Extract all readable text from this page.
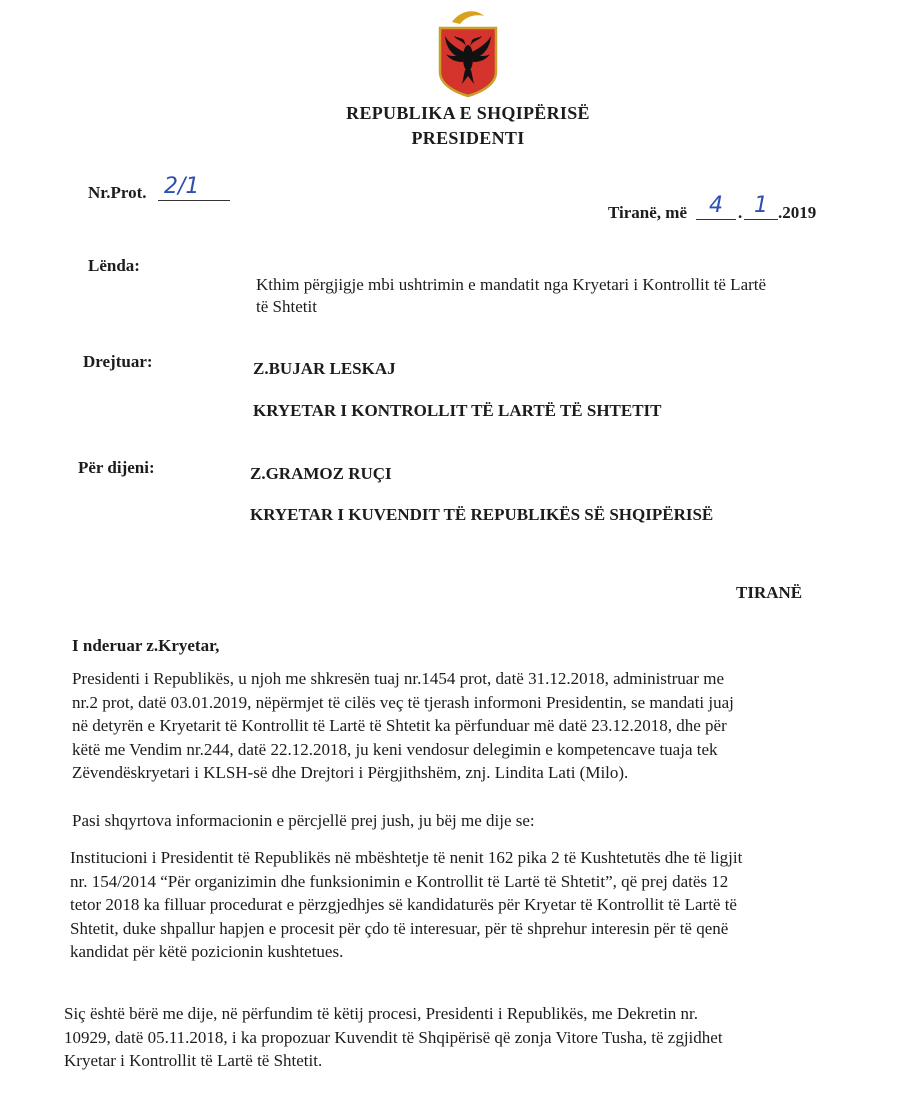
REPUBLIKA E SHQIPËRISË
PRESIDENTI
Nr.Prot. 2/1
Tiranë, më 4 . 1 .2019
Lënda:
Kthim përgjigje mbi ushtrimin e mandatit nga Kryetari i Kontrollit të Lartë
të Shtetit
Drejtuar:	Z.BUJAR LESKAJ
KRYETAR I KONTROLLIT TË LARTË TË SHTETIT
Për dijeni:	Z.GRAMOZ RUÇI
KRYETAR I KUVENDIT TË REPUBLIKËS SË SHQIPËRISË
TIRANË
I nderuar z.Kryetar,
Presidenti i Republikës, u njoh me shkresën tuaj nr.1454 prot, datë 31.12.2018, administruar me
nr.2 prot, datë 03.01.2019, nëpërmjet të cilës veç të tjerash informoni Presidentin, se mandati juaj
në detyrën e Kryetarit të Kontrollit të Lartë të Shtetit ka përfunduar më datë 23.12.2018, dhe për
këtë me Vendim nr.244, datë 22.12.2018, ju keni vendosur delegimin e kompetencave tuaja tek
Zëvendëskryetari i KLSH-së dhe Drejtori i Përgjithshëm, znj. Lindita Lati (Milo).
Pasi shqyrtova informacionin e përcjellë prej jush, ju bëj me dije se:
Institucioni i Presidentit të Republikës në mbështetje të nenit 162 pika 2 të Kushtetutës dhe të ligjit
nr. 154/2014 “Për organizimin dhe funksionimin e Kontrollit të Lartë të Shtetit”, që prej datës 12
tetor 2018 ka filluar procedurat e përzgjedhjes së kandidaturës për Kryetar të Kontrollit të Lartë të
Shtetit, duke shpallur hapjen e procesit për çdo të interesuar, për të shprehur interesin për të qenë
kandidat për këtë pozicionin kushtetues.
Siç është bërë me dije, në përfundim të këtij procesi, Presidenti i Republikës, me Dekretin nr.
10929, datë 05.11.2018, i ka propozuar Kuvendit të Shqipërisë që zonja Vitore Tusha, të zgjidhet
Kryetar i Kontrollit të Lartë të Shtetit.
